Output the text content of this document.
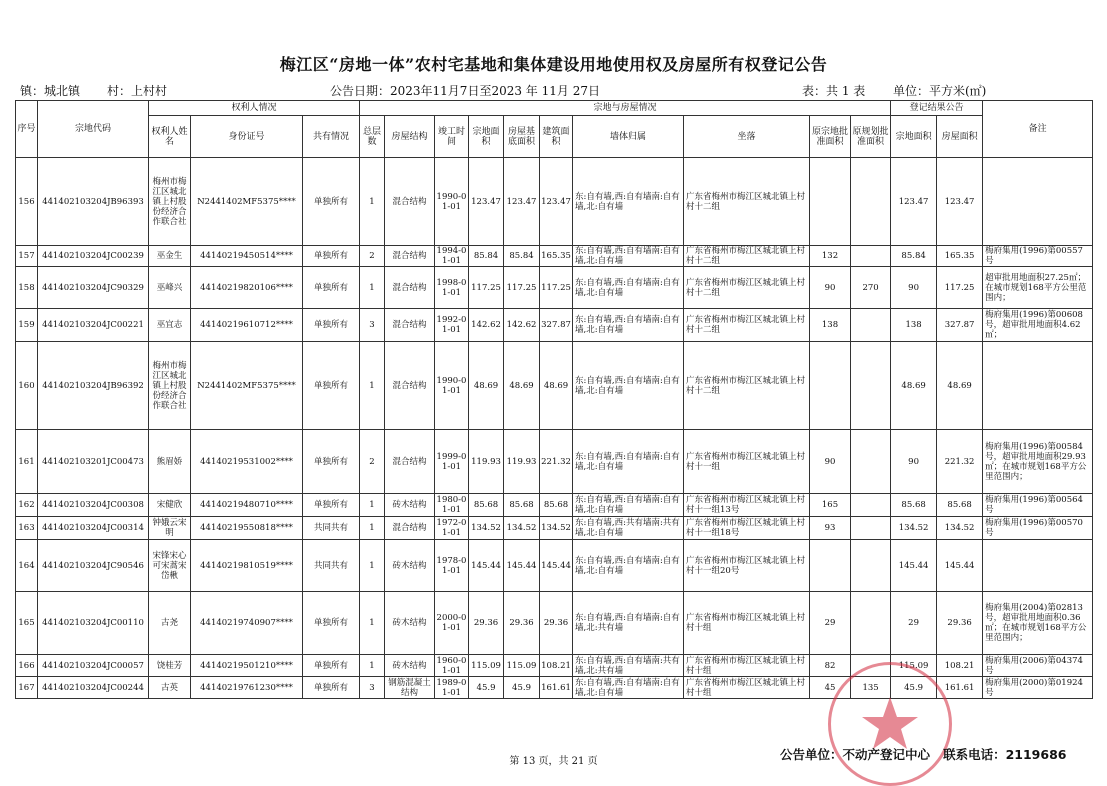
梅江区“房地一体”农村宅基地和集体建设用地使用权及房屋所有权登记公告
镇：城北镇 村：上村村	公告日期：2023年11月7日至2023 年 11月 27日	表：共 1 表 单位：平方米(㎡)
序号	宗地代码	权利人情况			宗地与房屋情况										登记结果公告		备注
		权利人姓名	身份证号	共有情况	总层数	房屋结构	竣工时间	宗地面积	房屋基底面积	建筑面积	墙体归属	坐落	原宗地批准面积	原规划批准面积	宗地面积	房屋面积	
156	441402103204JB96393	梅州市梅江区城北镇上村股份经济合作联合社	N2441402MF5375****	单独所有	1	混合结构	1990-01-01	123.47	123.47	123.47	东:自有墙,西:自有墙南:自有墙,北:自有墙	广东省梅州市梅江区城北镇上村村十二组			123.47	123.47	
157	441402103204JC00239	巫金生	44140219450514****	单独所有	2	混合结构	1994-01-01	85.84	85.84	165.35	东:自有墙,西:自有墙南:自有墙,北:自有墙	广东省梅州市梅江区城北镇上村村十二组	132		85.84	165.35	梅府集用(1996)第00557号
158	441402103204JC90329	巫峰兴	44140219820106****	单独所有	1	混合结构	1998-01-01	117.25	117.25	117.25	东:自有墙,西:自有墙南:自有墙,北:自有墙	广东省梅州市梅江区城北镇上村村十二组	90	270	90	117.25	超审批用地面积27.25㎡；在城市规划168平方公里范围内；
159	441402103204JC00221	巫宜志	44140219610712****	单独所有	3	混合结构	1992-01-01	142.62	142.62	327.87	东:自有墙,西:自有墙南:自有墙,北:自有墙	广东省梅州市梅江区城北镇上村村十二组	138		138	327.87	梅府集用(1996)第00608号，超审批用地面积4.62㎡；
160	441402103204JB96392	梅州市梅江区城北镇上村股份经济合作联合社	N2441402MF5375****	单独所有	1	混合结构	1990-01-01	48.69	48.69	48.69	东:自有墙,西:自有墙南:自有墙,北:自有墙	广东省梅州市梅江区城北镇上村村十二组			48.69	48.69	
161	441402103201JC00473	熊眉娇	44140219531002****	单独所有	2	混合结构	1999-01-01	119.93	119.93	221.32	东:自有墙,西:自有墙南:自有墙,北:自有墙	广东省梅州市梅江区城北镇上村村十一组	90		90	221.32	梅府集用(1996)第00584号，超审批用地面积29.93㎡；在城市规划168平方公里范围内；
162	441402103204JC00308	宋健欣	44140219480710****	单独所有	1	砖木结构	1980-01-01	85.68	85.68	85.68	东:自有墙,西:自有墙南:自有墙,北:自有墙	广东省梅州市梅江区城北镇上村村十一组13号	165		85.68	85.68	梅府集用(1996)第00564号
163	441402103204JC00314	钟娥云宋明	44140219550818****	共同共有	1	混合结构	1972-01-01	134.52	134.52	134.52	东:自有墙,西:共有墙南:共有墙,北:自有墙	广东省梅州市梅江区城北镇上村村十一组18号	93		134.52	134.52	梅府集用(1996)第00570号
164	441402103204JC90546	宋锋宋心可宋蒿宋岱楸	44140219810519****	共同共有	1	砖木结构	1978-01-01	145.44	145.44	145.44	东:自有墙,西:自有墙南:自有墙,北:自有墙	广东省梅州市梅江区城北镇上村村十一组20号			145.44	145.44	
165	441402103204JC00110	古尧	44140219740907****	单独所有	1	砖木结构	2000-01-01	29.36	29.36	29.36	东:自有墙,西:自有墙南:自有墙,北:共有墙	广东省梅州市梅江区城北镇上村村十组	29		29	29.36	梅府集用(2004)第02813号，超审批用地面积0.36㎡；在城市规划168平方公里范围内；
166	441402103204JC00057	饶桂芳	44140219501210****	单独所有	1	砖木结构	1960-01-01	115.09	115.09	108.21	东:自有墙,西:自有墙南:共有墙,北:共有墙	广东省梅州市梅江区城北镇上村村十组	82		115.09	108.21	梅府集用(2006)第04374号
167	441402103204JC00244	古英	44140219761230****	单独所有	3	钢筋混凝土结构	1989-01-01	45.9	45.9	161.61	东:自有墙,西:自有墙南:自有墙,北:自有墙	广东省梅州市梅江区城北镇上村村十组	45	135	45.9	161.61	梅府集用(2000)第01924号
第 13 页，共 21 页	公告单位：不动产登记中心 联系电话：2119686
